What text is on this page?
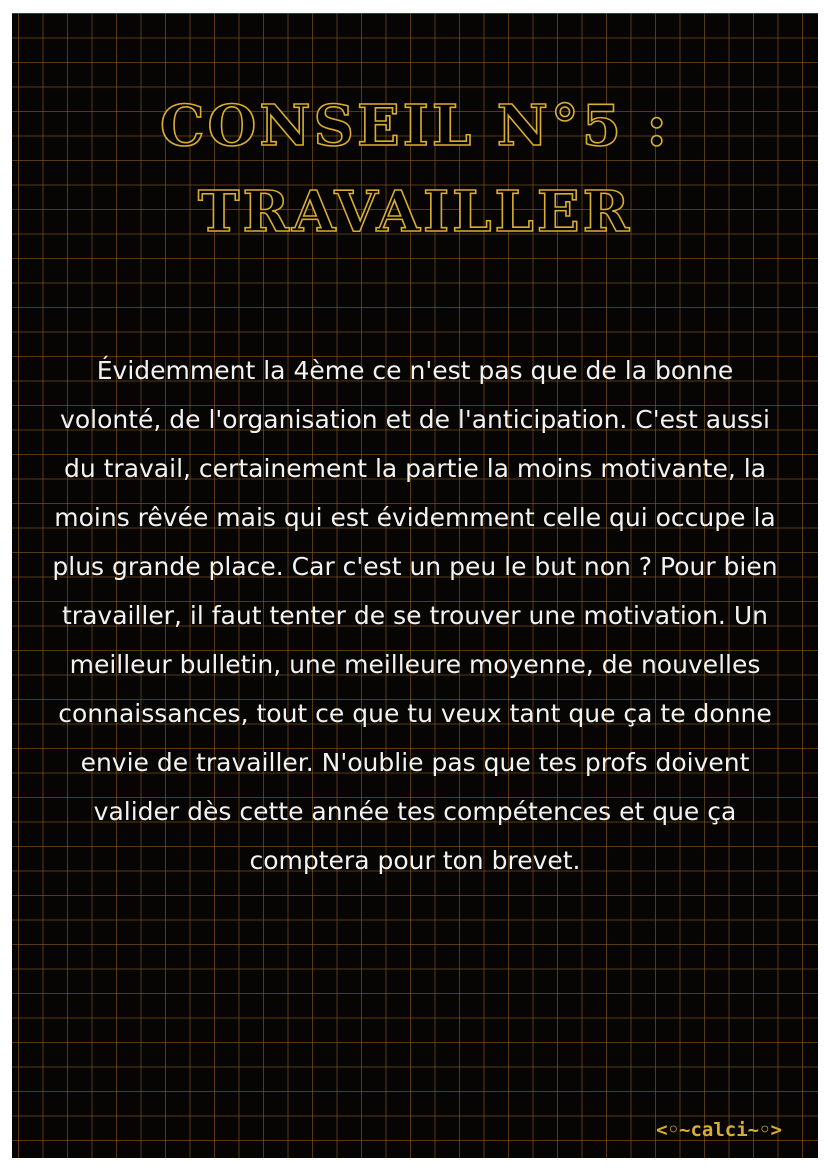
CONSEIL N°5 :
TRAVAILLER

Évidemment la 4ème ce n'est pas que de la bonne volonté, de l'organisation et de l'anticipation. C'est aussi du travail, certainement la partie la moins motivante, la moins rêvée mais qui est évidemment celle qui occupe la plus grande place. Car c'est un peu le but non ? Pour bien travailler, il faut tenter de se trouver une motivation. Un meilleur bulletin, une meilleure moyenne, de nouvelles connaissances, tout ce que tu veux tant que ça te donne envie de travailler. N'oublie pas que tes profs doivent valider dès cette année tes compétences et que ça comptera pour ton brevet.

<◦~calci~◦>
